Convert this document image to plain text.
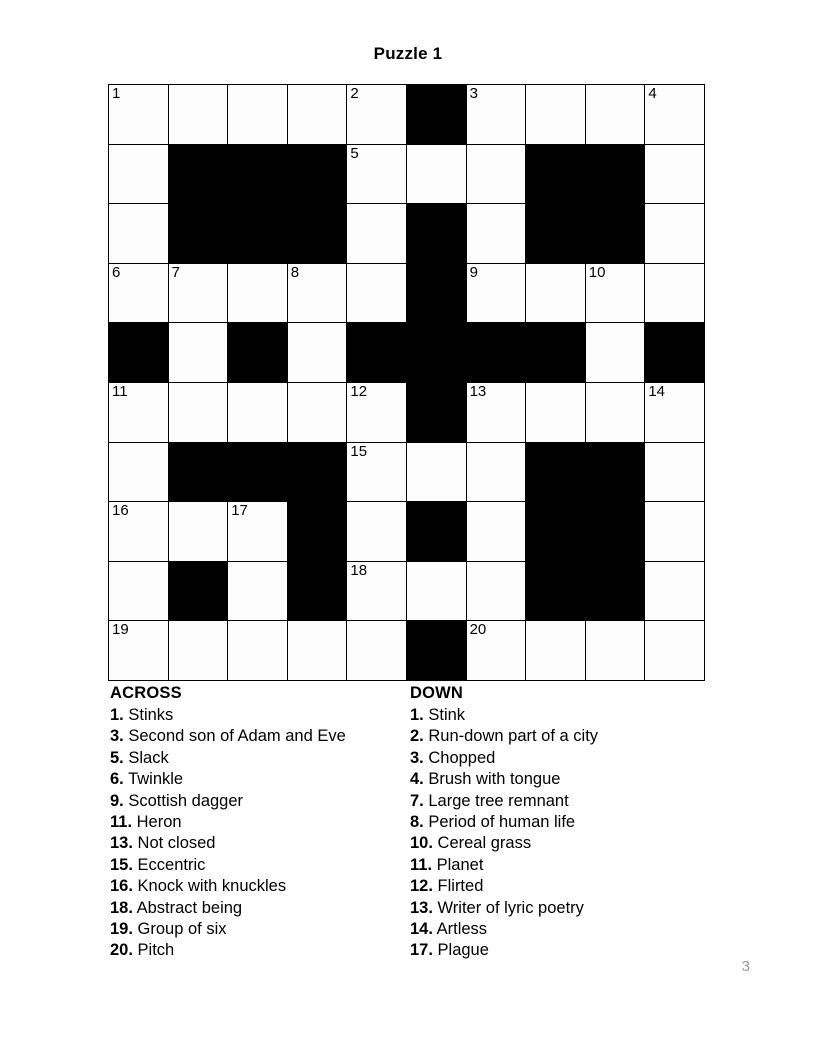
Puzzle 1
1				2		3			4

				5					

6	7		8			9		10	

11				12		13			14

				15					

16		17							

				18					

19						20			

ACROSS
1. Stinks
3. Second son of Adam and Eve
5. Slack
6. Twinkle
9. Scottish dagger
11. Heron
13. Not closed
15. Eccentric
16. Knock with knuckles
18. Abstract being
19. Group of six
20. Pitch
DOWN
1. Stink
2. Run-down part of a city
3. Chopped
4. Brush with tongue
7. Large tree remnant
8. Period of human life
10. Cereal grass
11. Planet
12. Flirted
13. Writer of lyric poetry
14. Artless
17. Plague
3
